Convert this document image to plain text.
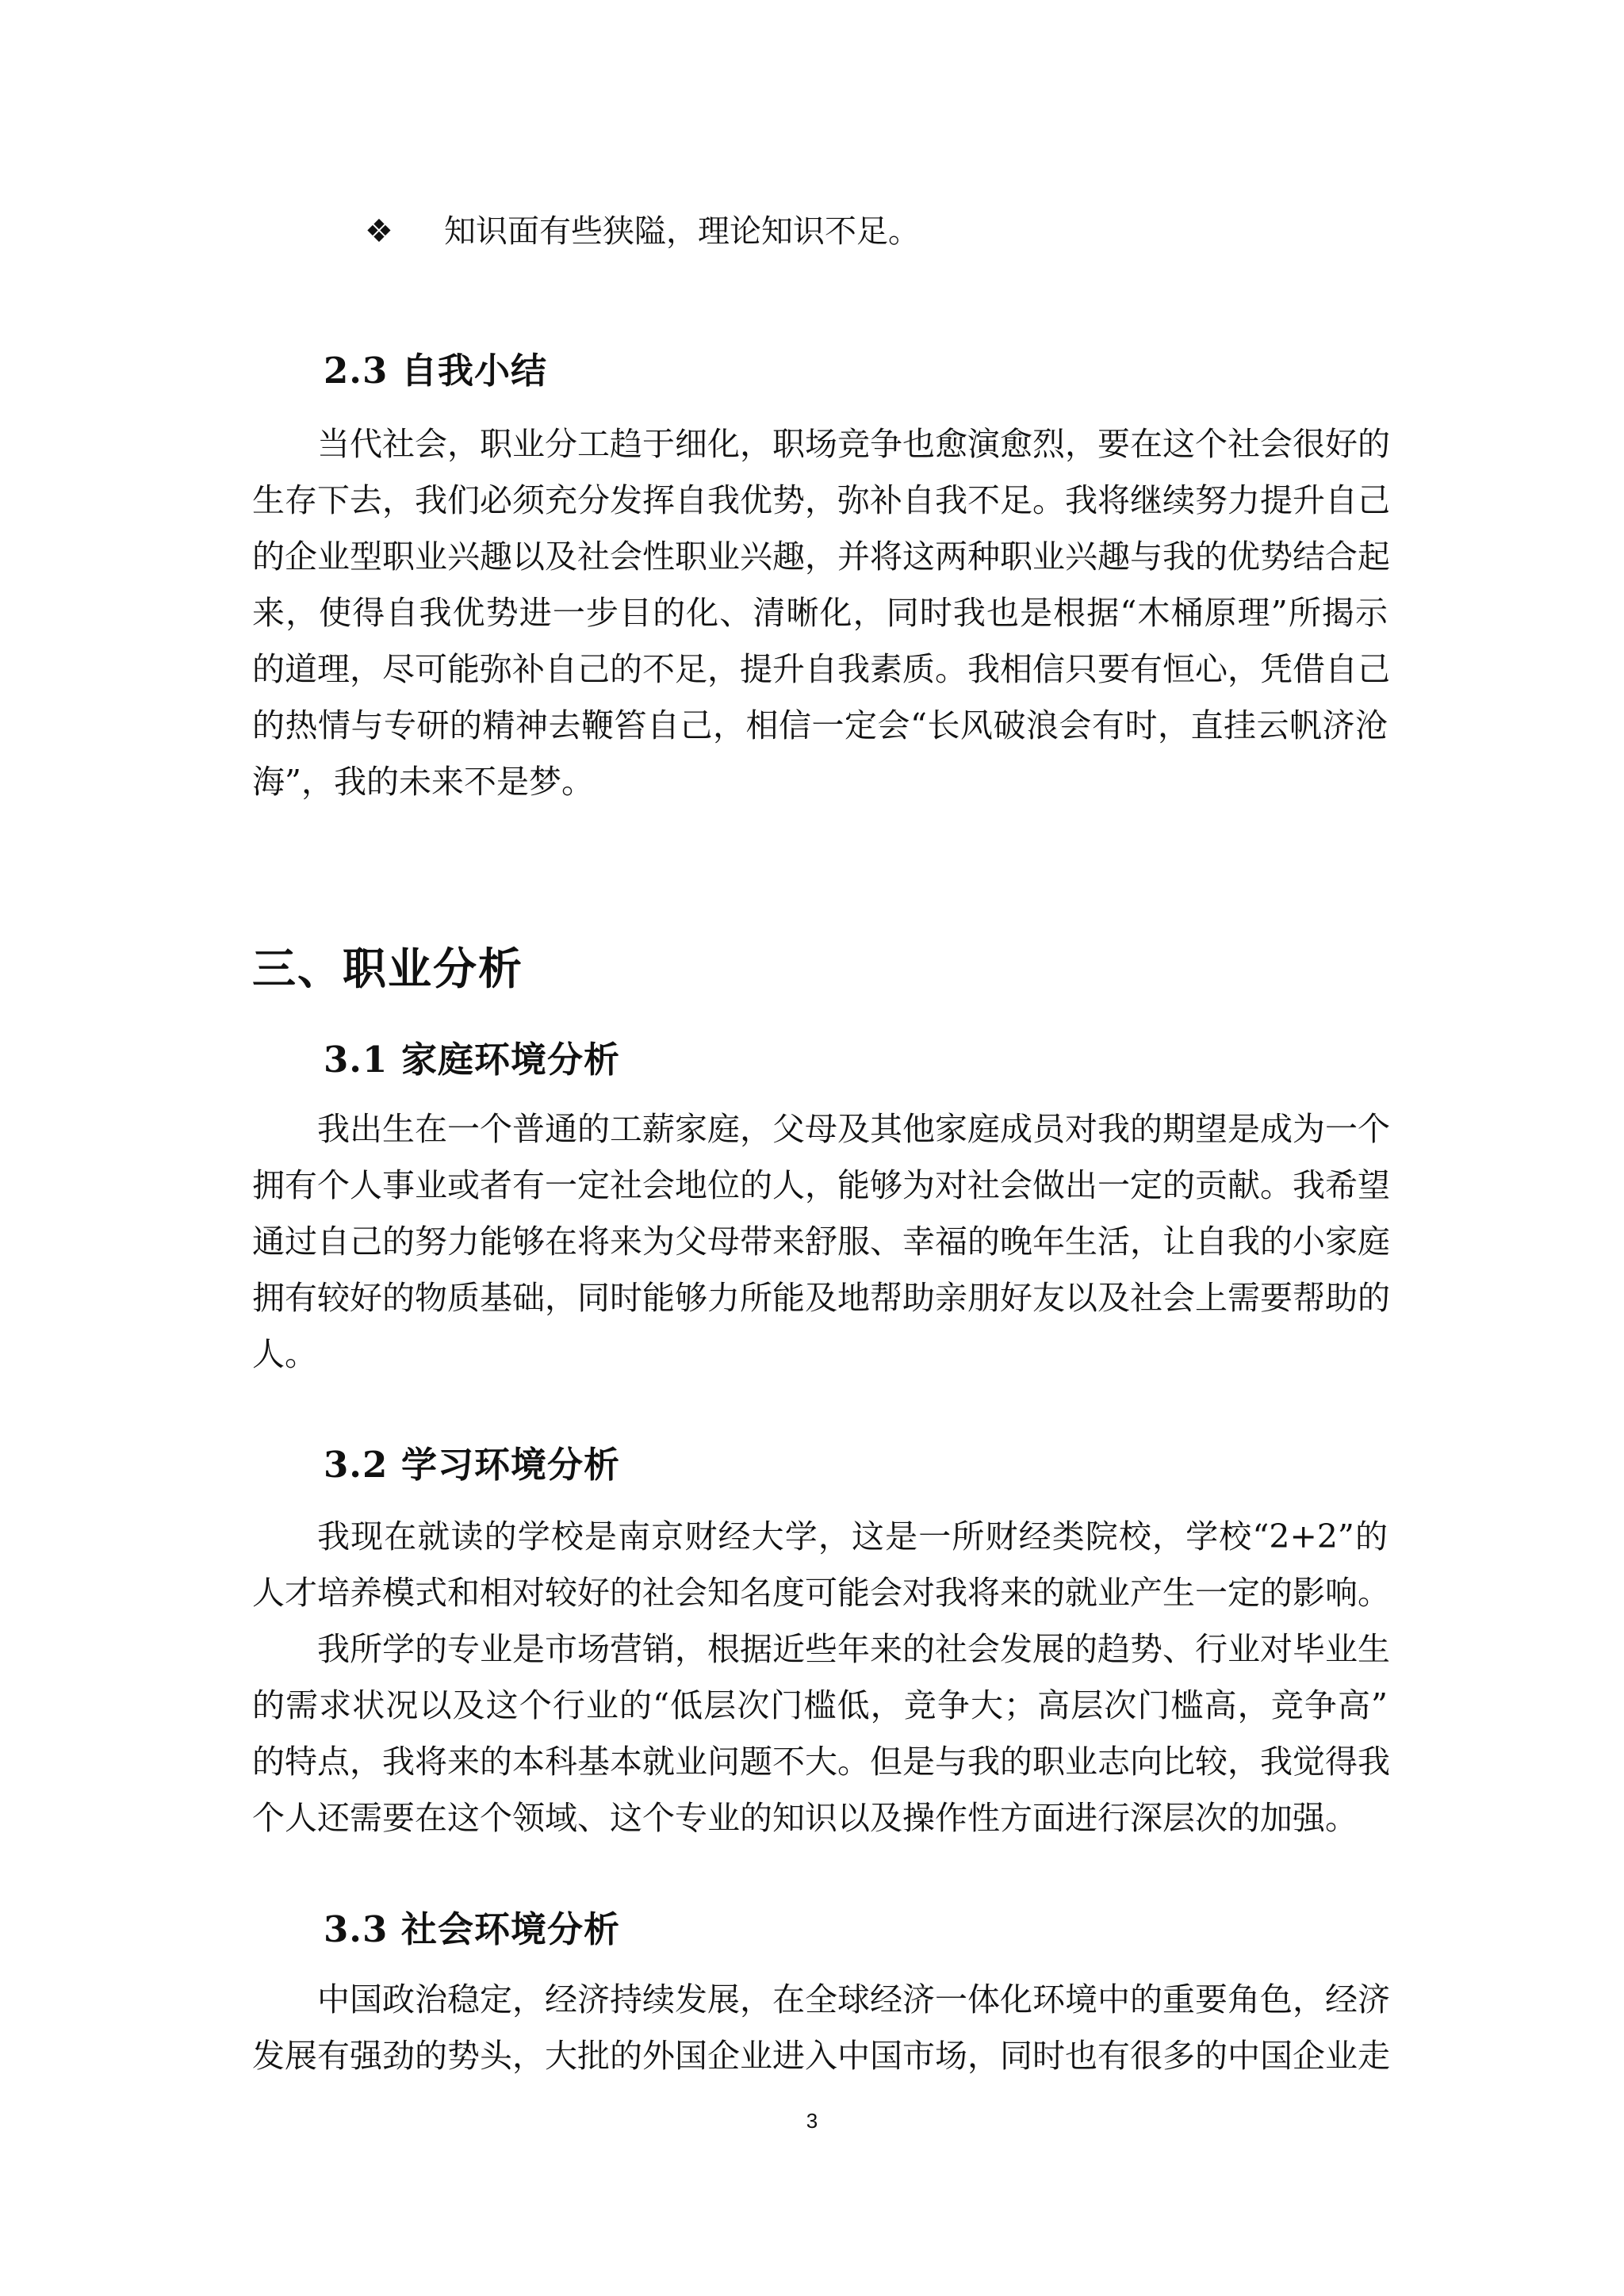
❖ 知识面有些狭隘，理论知识不足。
2.3 自我小结
当代社会，职业分工趋于细化，职场竞争也愈演愈烈，要在这个社会很好的
生存下去，我们必须充分发挥自我优势，弥补自我不足。我将继续努力提升自己
的企业型职业兴趣以及社会性职业兴趣，并将这两种职业兴趣与我的优势结合起
来，使得自我优势进一步目的化、清晰化，同时我也是根据“木桶原理”所揭示
的道理，尽可能弥补自己的不足，提升自我素质。我相信只要有恒心，凭借自己
的热情与专研的精神去鞭笞自己，相信一定会“长风破浪会有时，直挂云帆济沧
海”，我的未来不是梦。
三、职业分析
3.1 家庭环境分析
我出生在一个普通的工薪家庭，父母及其他家庭成员对我的期望是成为一个
拥有个人事业或者有一定社会地位的人，能够为对社会做出一定的贡献。我希望
通过自己的努力能够在将来为父母带来舒服、幸福的晚年生活，让自我的小家庭
拥有较好的物质基础，同时能够力所能及地帮助亲朋好友以及社会上需要帮助的
人。
3.2 学习环境分析
我现在就读的学校是南京财经大学，这是一所财经类院校，学校“2+2”的
人才培养模式和相对较好的社会知名度可能会对我将来的就业产生一定的影响。
我所学的专业是市场营销，根据近些年来的社会发展的趋势、行业对毕业生
的需求状况以及这个行业的“低层次门槛低，竞争大；高层次门槛高，竞争高”
的特点，我将来的本科基本就业问题不大。但是与我的职业志向比较，我觉得我
个人还需要在这个领域、这个专业的知识以及操作性方面进行深层次的加强。
3.3 社会环境分析
中国政治稳定，经济持续发展，在全球经济一体化环境中的重要角色，经济
发展有强劲的势头，大批的外国企业进入中国市场，同时也有很多的中国企业走
3
